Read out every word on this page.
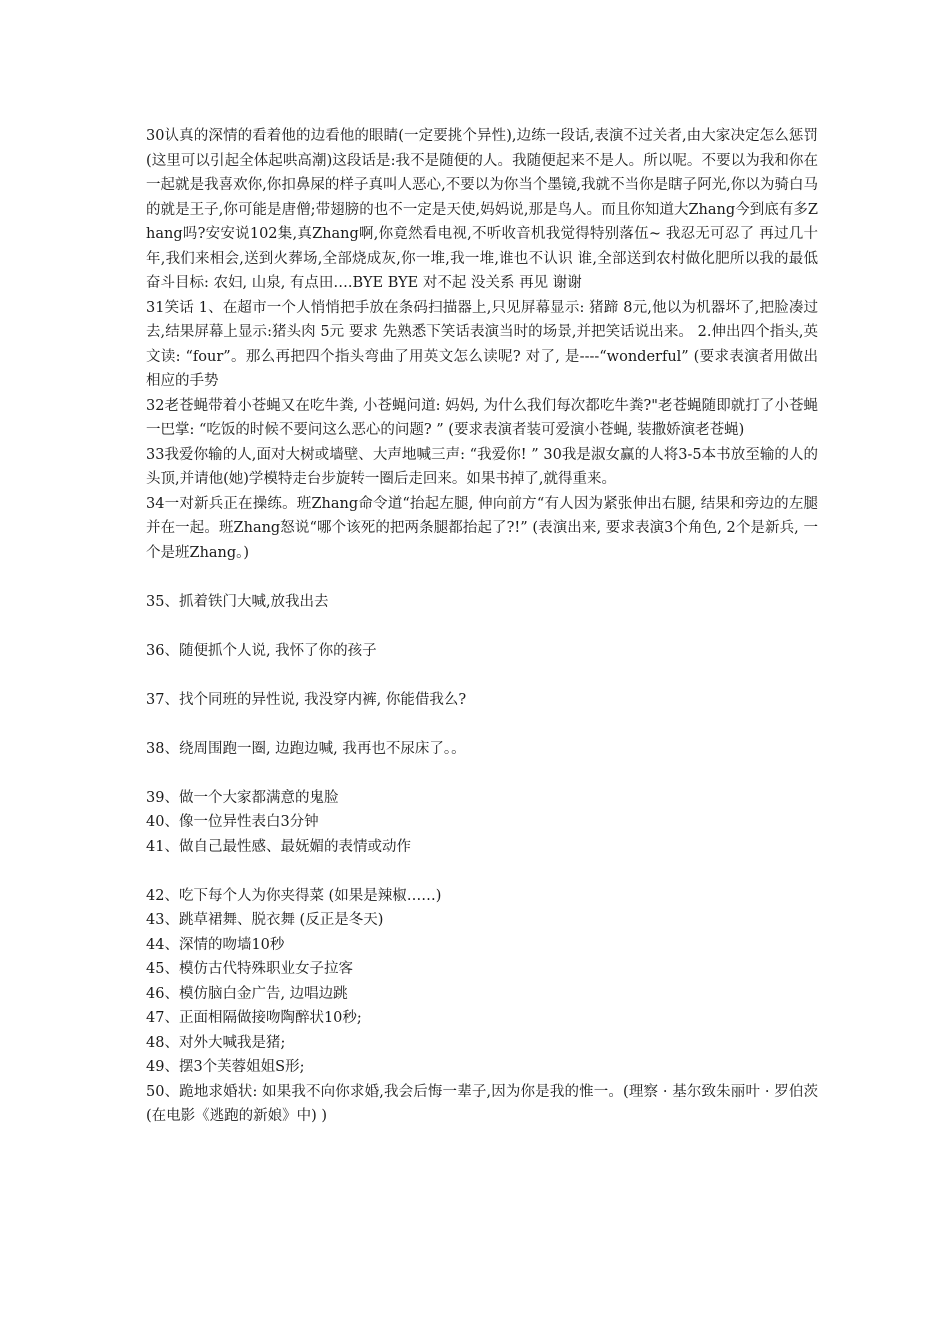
30认真的深情的看着他的边看他的眼睛(一定要挑个异性),边练一段话,表演不过关者,由大家决定怎么惩罚(这里可以引起全体起哄高潮)这段话是:我不是随便的人。我随便起来不是人。所以呢。不要以为我和你在一起就是我喜欢你,你扣鼻屎的样子真叫人恶心,不要以为你当个墨镜,我就不当你是瞎子阿光,你以为骑白马的就是王子,你可能是唐僧;带翅膀的也不一定是天使,妈妈说,那是鸟人。而且你知道大Zhang今到底有多Zhang吗?安安说102集,真Zhang啊,你竟然看电视,不听收音机我觉得特别落伍~ 我忍无可忍了 再过几十年,我们来相会,送到火葬场,全部烧成灰,你一堆,我一堆,谁也不认识 谁,全部送到农村做化肥所以我的最低奋斗目标: 农妇, 山泉, 有点田….BYE BYE 对不起 没关系 再见 谢谢

31笑话 1、在超市一个人悄悄把手放在条码扫描器上,只见屏幕显示: 猪蹄 8元,他以为机器坏了,把脸凑过去,结果屏幕上显示:猪头肉 5元 要求 先熟悉下笑话表演当时的场景,并把笑话说出来。 2.伸出四个指头,英文读: “four”。那么再把四个指头弯曲了用英文怎么读呢? 对了, 是----“wonderful” (要求表演者用做出相应的手势

32老苍蝇带着小苍蝇又在吃牛粪, 小苍蝇问道: 妈妈, 为什么我们每次都吃牛粪?"老苍蝇随即就打了小苍蝇一巴掌: “吃饭的时候不要问这么恶心的问题? ” (要求表演者装可爱演小苍蝇, 装撒娇演老苍蝇)

33我爱你输的人,面对大树或墙壁、大声地喊三声: “我爱你! ” 30我是淑女赢的人将3-5本书放至输的人的头顶,并请他(她)学模特走台步旋转一圈后走回来。如果书掉了,就得重来。

34一对新兵正在操练。班Zhang命令道“抬起左腿, 伸向前方“有人因为紧张伸出右腿, 结果和旁边的左腿并在一起。班Zhang怒说“哪个该死的把两条腿都抬起了?!” (表演出来, 要求表演3个角色, 2个是新兵, 一个是班Zhang。)

35、抓着铁门大喊,放我出去

36、随便抓个人说, 我怀了你的孩子

37、找个同班的异性说, 我没穿内裤, 你能借我么?

38、绕周围跑一圈, 边跑边喊, 我再也不尿床了。。

39、做一个大家都满意的鬼脸

40、像一位异性表白3分钟

41、做自己最性感、最妩媚的表情或动作

42、吃下每个人为你夹得菜 (如果是辣椒……)

43、跳草裙舞、脱衣舞 (反正是冬天)

44、深情的吻墙10秒

45、模仿古代特殊职业女子拉客

46、模仿脑白金广告, 边唱边跳

47、正面相隔做接吻陶醉状10秒;

48、对外大喊我是猪;

49、摆3个芙蓉姐姐S形;

50、跪地求婚状: 如果我不向你求婚,我会后悔一辈子,因为你是我的惟一。(理察 · 基尔致朱丽叶 · 罗伯茨 (在电影《逃跑的新娘》中) )
